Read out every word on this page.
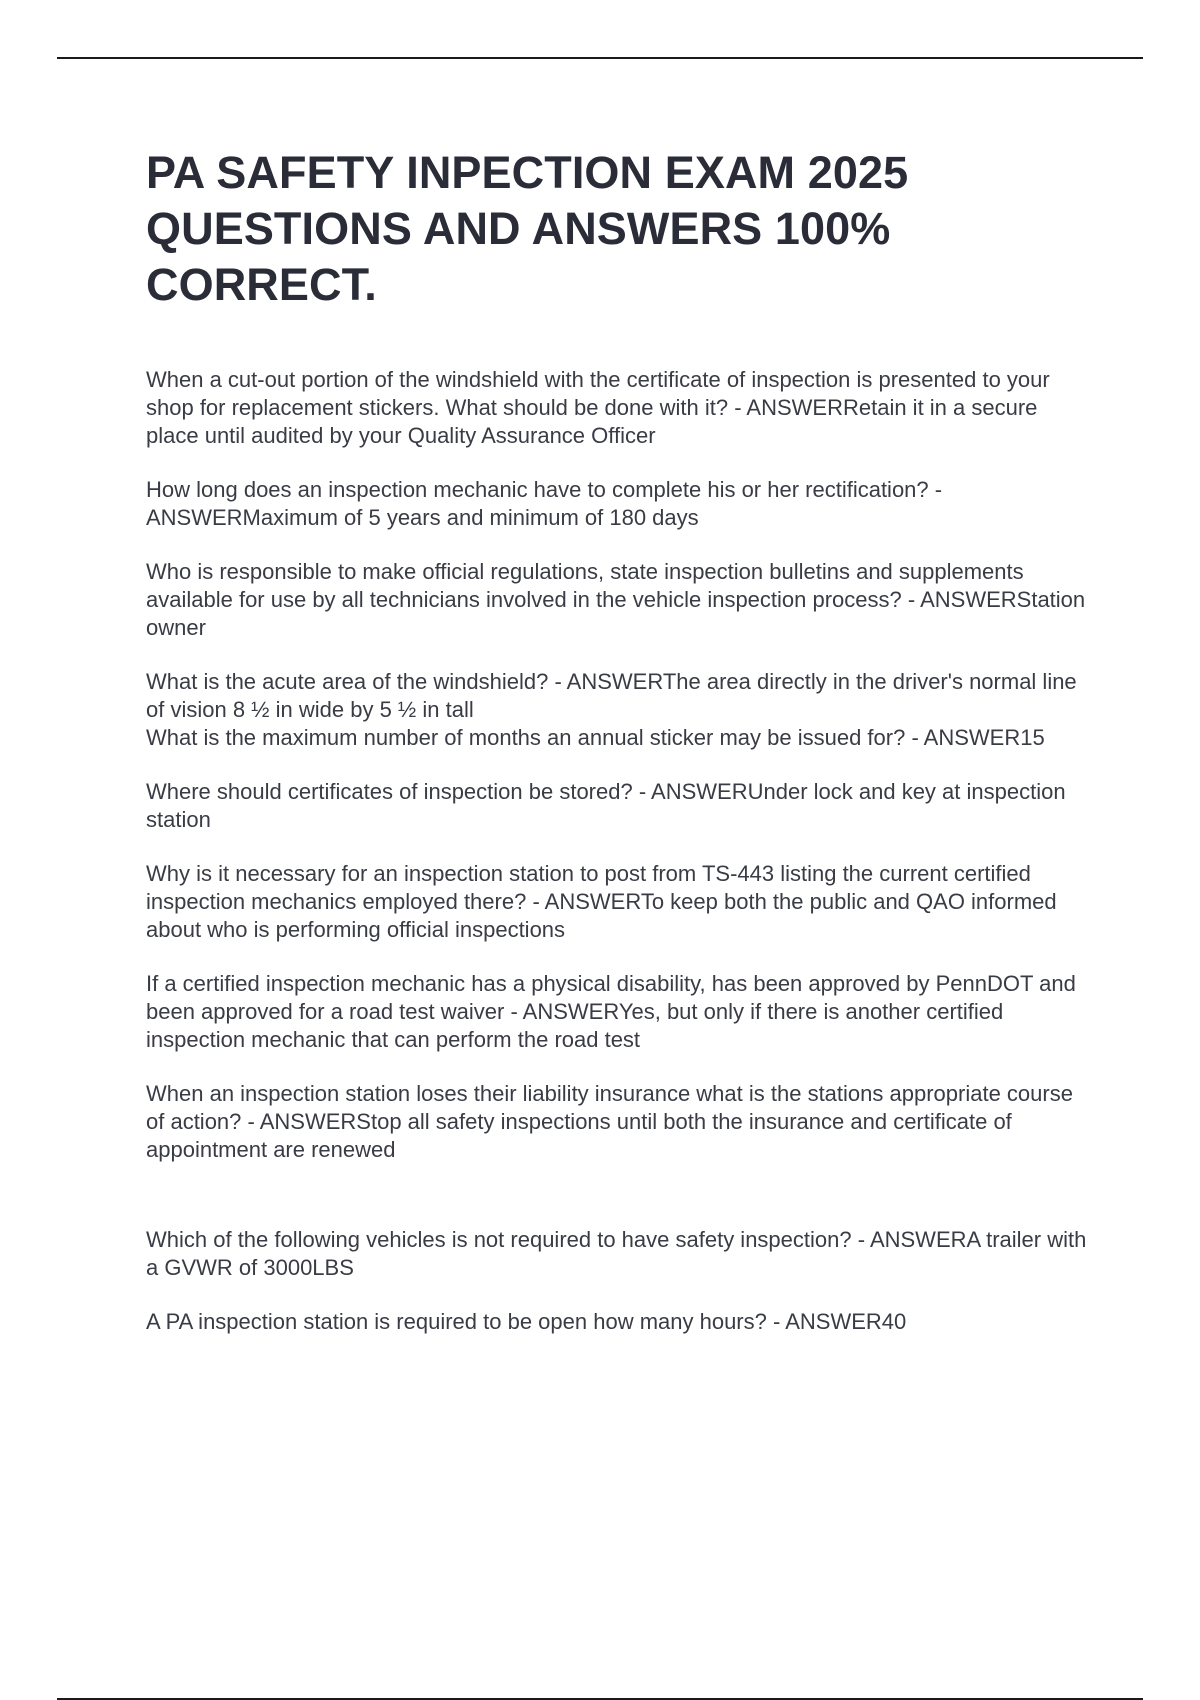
PA SAFETY INPECTION EXAM 2025 QUESTIONS AND ANSWERS 100% CORRECT.

When a cut-out portion of the windshield with the certificate of inspection is presented to your shop for replacement stickers. What should be done with it? - ANSWERRetain it in a secure place until audited by your Quality Assurance Officer

How long does an inspection mechanic have to complete his or her rectification? - ANSWERMaximum of 5 years and minimum of 180 days

Who is responsible to make official regulations, state inspection bulletins and supplements available for use by all technicians involved in the vehicle inspection process? - ANSWERStation owner

What is the acute area of the windshield? - ANSWERThe area directly in the driver's normal line of vision 8 ½ in wide by 5 ½ in tall

What is the maximum number of months an annual sticker may be issued for? - ANSWER15

Where should certificates of inspection be stored? - ANSWERUnder lock and key at inspection station

Why is it necessary for an inspection station to post from TS-443 listing the current certified inspection mechanics employed there? - ANSWERTo keep both the public and QAO informed about who is performing official inspections

If a certified inspection mechanic has a physical disability, has been approved by PennDOT and been approved for a road test waiver - ANSWERYes, but only if there is another certified inspection mechanic that can perform the road test

When an inspection station loses their liability insurance what is the stations appropriate course of action? - ANSWERStop all safety inspections until both the insurance and certificate of appointment are renewed

Which of the following vehicles is not required to have safety inspection? - ANSWERA trailer with a GVWR of 3000LBS

A PA inspection station is required to be open how many hours? - ANSWER40
